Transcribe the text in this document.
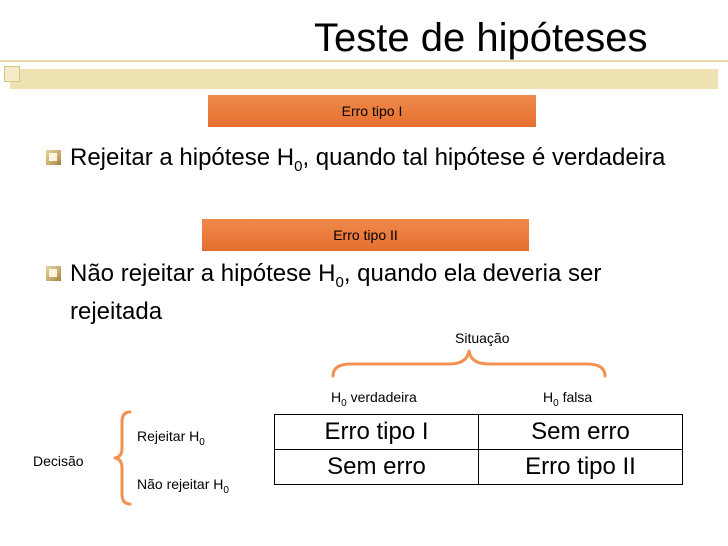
Teste de hipóteses
Erro tipo I
Rejeitar a hipótese $H_0$, quando tal hipótese é verdadeira
Erro tipo II
Não rejeitar a hipótese $H_0$, quando ela deveria ser rejeitada
Situação
$H_0$ verdadeira	$H_0$ falsa
Decisão
Rejeitar $H_0$
Não rejeitar $H_0$
Erro tipo I	Sem erro
Sem erro	Erro tipo II
